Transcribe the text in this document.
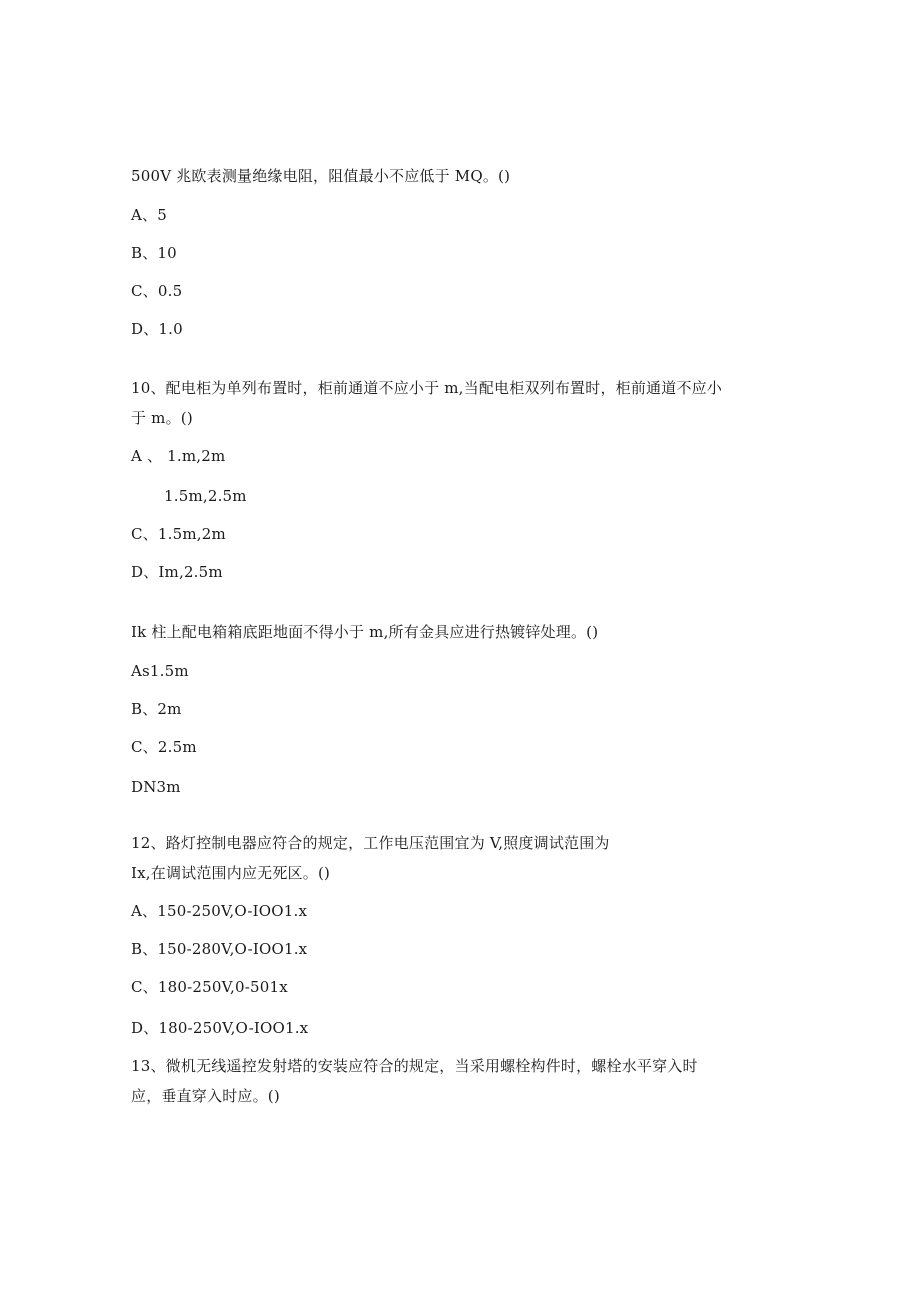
500V 兆欧表测量绝缘电阻，阻值最小不应低于 MQ。()
A、5
B、10
C、0.5
D、1.0
10、配电柜为单列布置时，柜前通道不应小于 m,当配电柜双列布置时，柜前通道不应小
于 m。()
A 、 1.m,2m
1.5m,2.5m
C、1.5m,2m
D、Im,2.5m
Ik 柱上配电箱箱底距地面不得小于 m,所有金具应进行热镀锌处理。()
As1.5m
B、2m
C、2.5m
DN3m
12、路灯控制电器应符合的规定，工作电压范围宜为 V,照度调试范围为
Ix,在调试范围内应无死区。()
A、150-250V,O-IOO1.x
B、150-280V,O-IOO1.x
C、180-250V,0-501x
D、180-250V,O-IOO1.x
13、微机无线遥控发射塔的安装应符合的规定，当采用螺栓构件时，螺栓水平穿入时
应，垂直穿入时应。()
